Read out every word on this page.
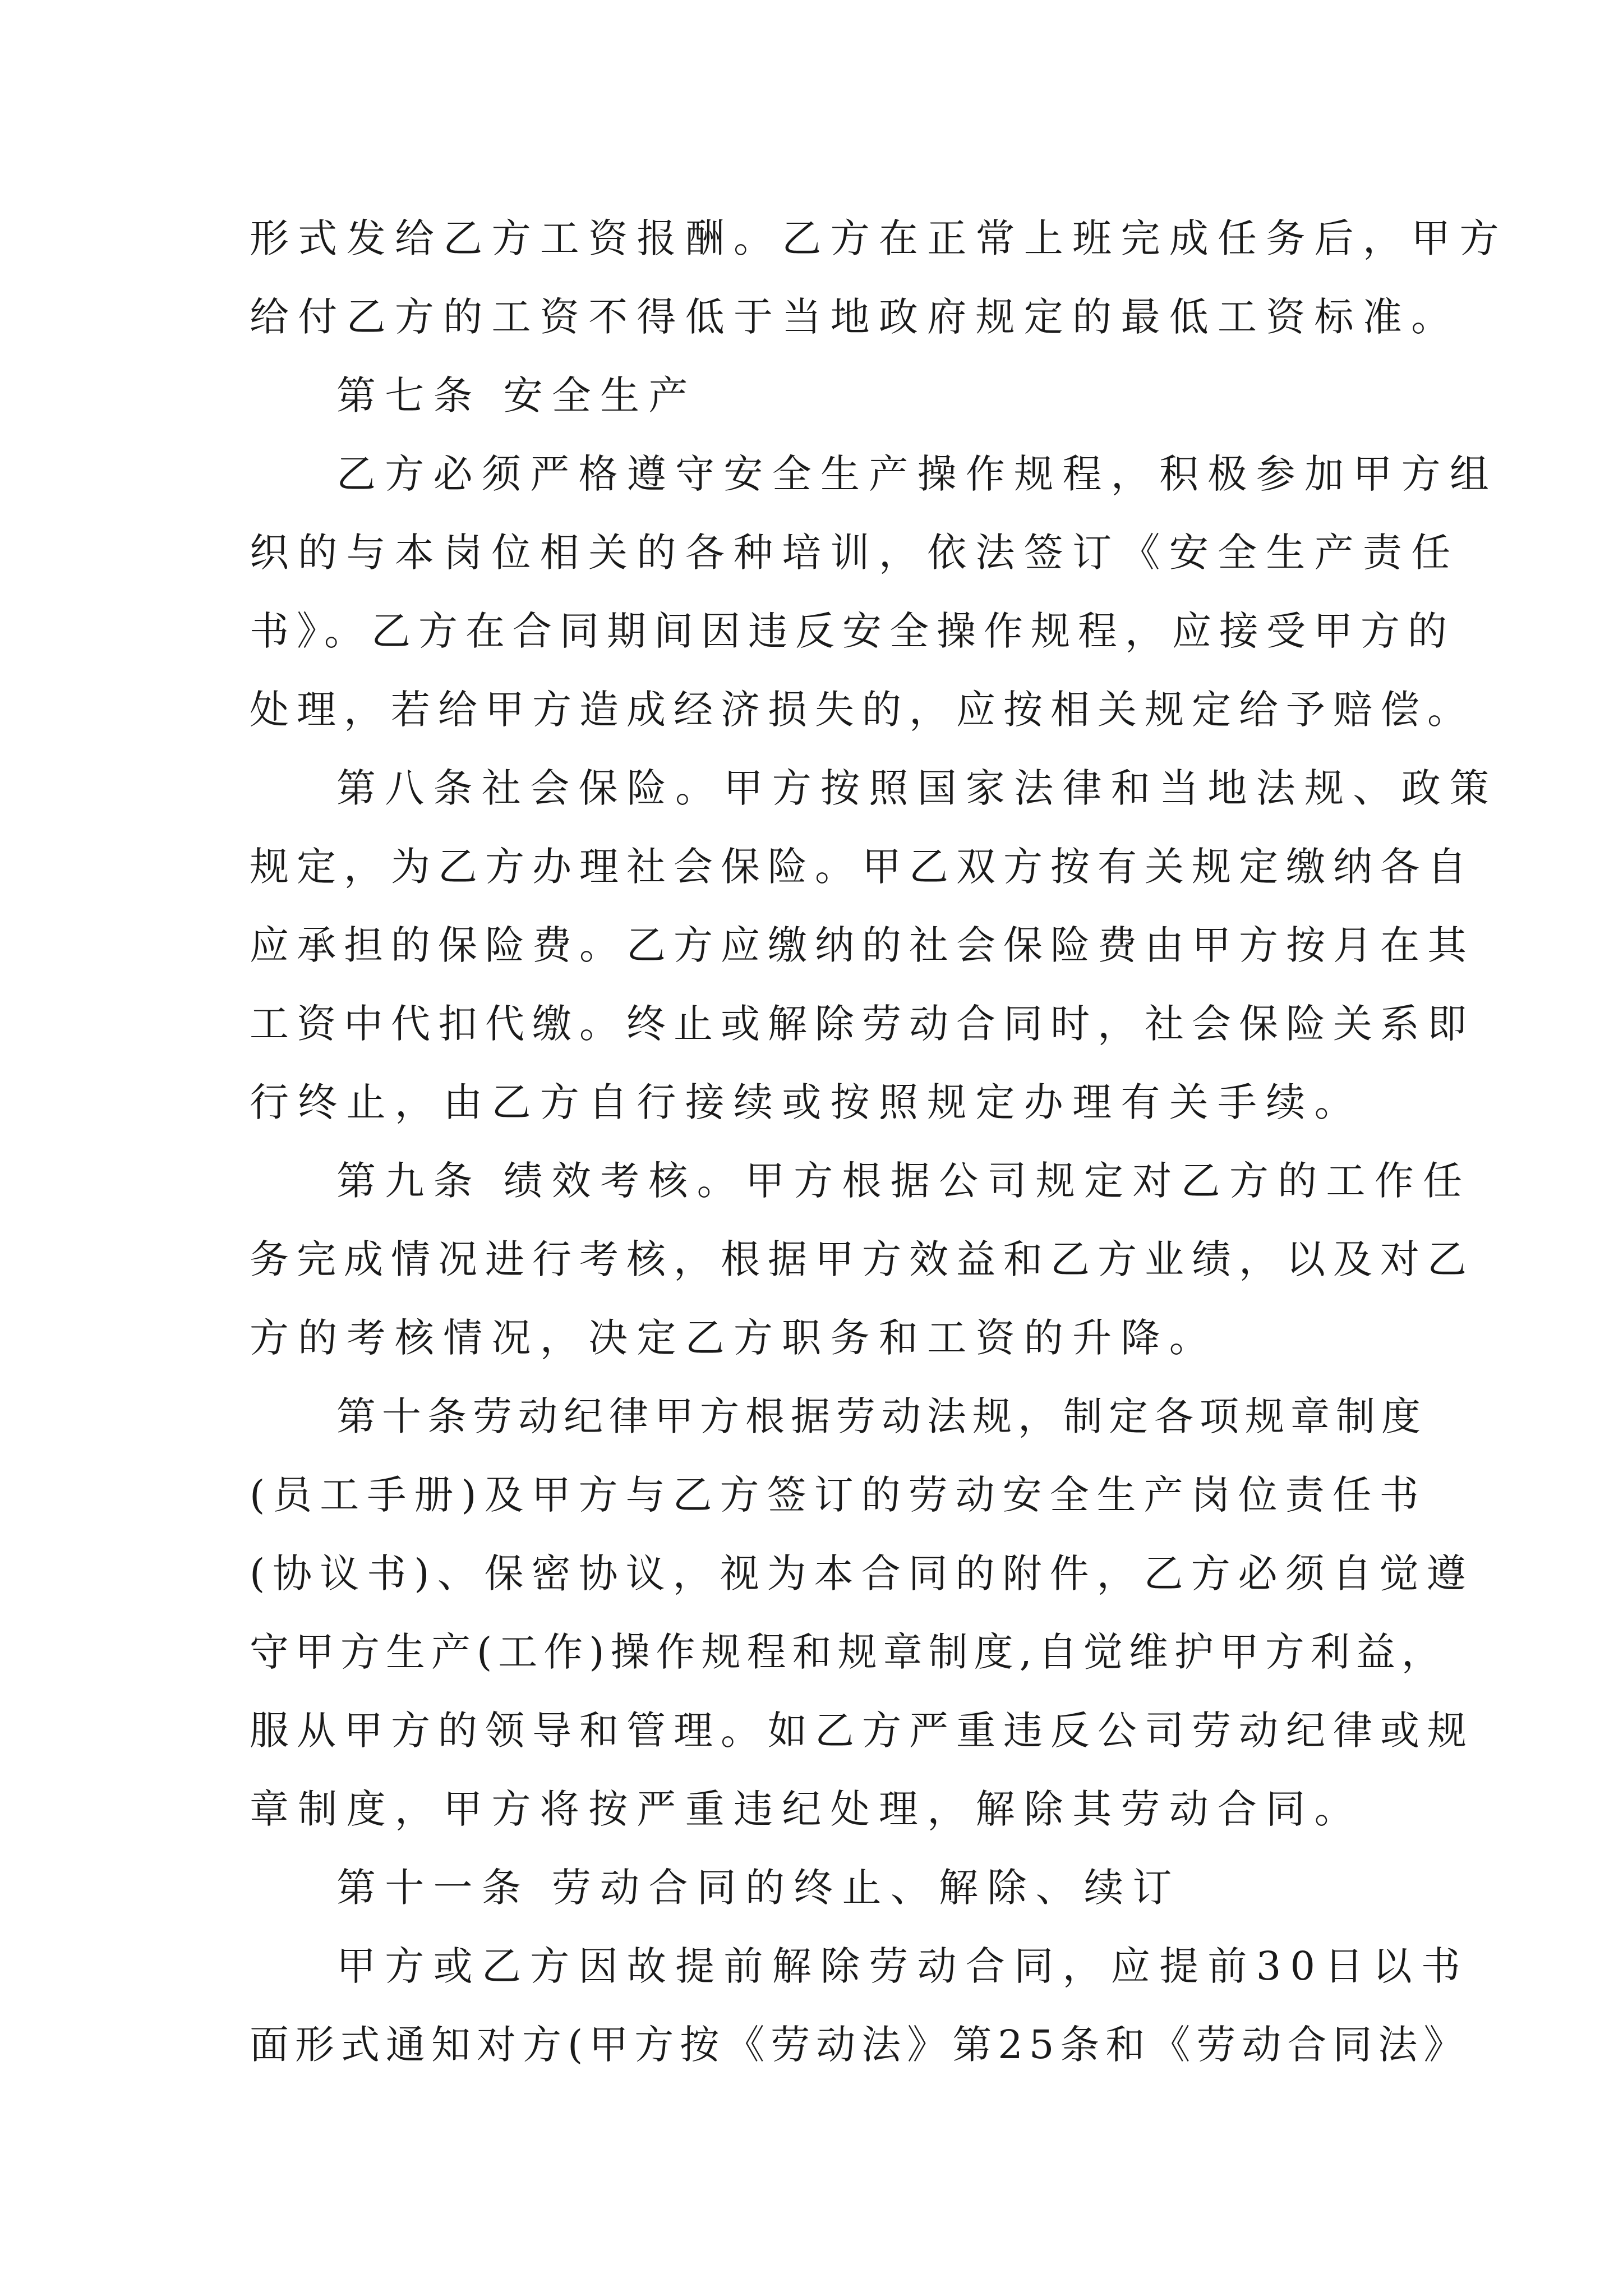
形式发给乙方工资报酬。乙方在正常上班完成任务后，甲方
给付乙方的工资不得低于当地政府规定的最低工资标准。
第七条 安全生产
乙方必须严格遵守安全生产操作规程，积极参加甲方组
织的与本岗位相关的各种培训，依法签订《安全生产责任
书》。乙方在合同期间因违反安全操作规程，应接受甲方的
处理，若给甲方造成经济损失的，应按相关规定给予赔偿。
第八条社会保险。甲方按照国家法律和当地法规、政策
规定，为乙方办理社会保险。甲乙双方按有关规定缴纳各自
应承担的保险费。乙方应缴纳的社会保险费由甲方按月在其
工资中代扣代缴。终止或解除劳动合同时，社会保险关系即
行终止，由乙方自行接续或按照规定办理有关手续。
第九条 绩效考核。甲方根据公司规定对乙方的工作任
务完成情况进行考核，根据甲方效益和乙方业绩，以及对乙
方的考核情况，决定乙方职务和工资的升降。
第十条劳动纪律甲方根据劳动法规，制定各项规章制度
(员工手册)及甲方与乙方签订的劳动安全生产岗位责任书
(协议书)、保密协议，视为本合同的附件，乙方必须自觉遵
守甲方生产(工作)操作规程和规章制度,自觉维护甲方利益，
服从甲方的领导和管理。如乙方严重违反公司劳动纪律或规
章制度，甲方将按严重违纪处理，解除其劳动合同。
第十一条 劳动合同的终止、解除、续订
甲方或乙方因故提前解除劳动合同，应提前30日以书
面形式通知对方(甲方按《劳动法》第25条和《劳动合同法》
